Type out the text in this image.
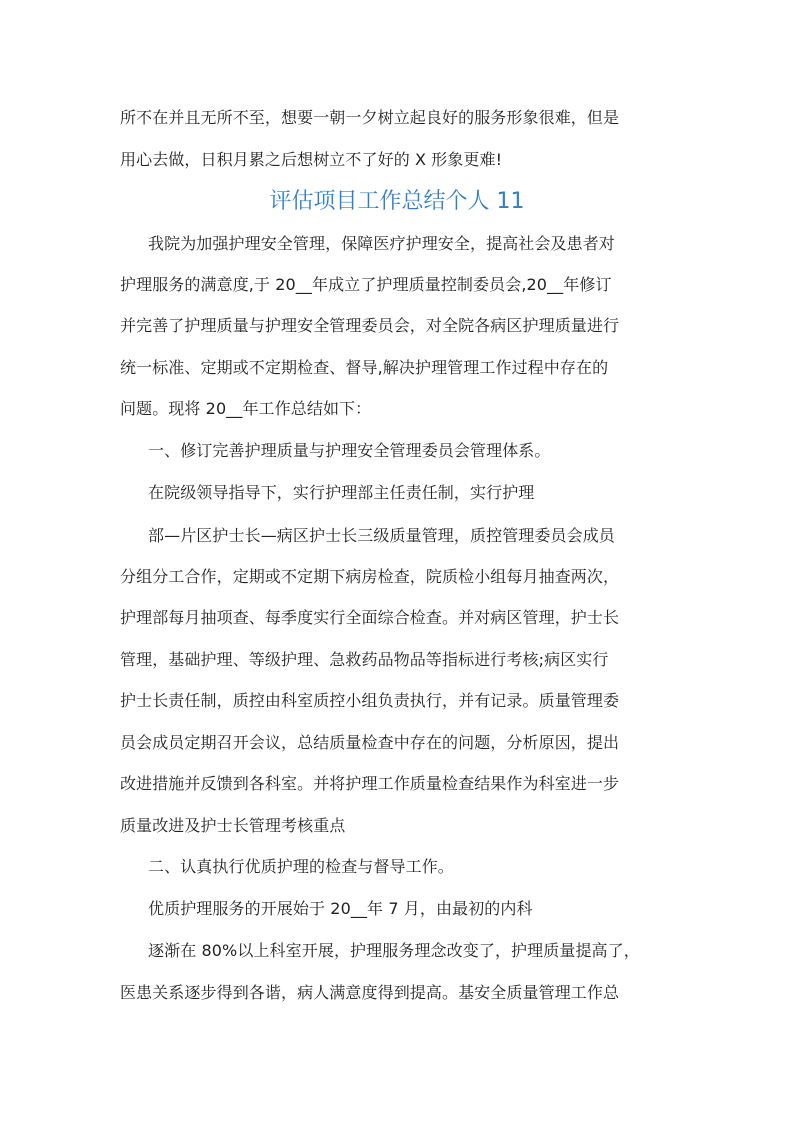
所不在并且无所不至，想要一朝一夕树立起良好的服务形象很难，但是
用心去做，日积月累之后想树立不了好的 X 形象更难!
评估项目工作总结个人 11
我院为加强护理安全管理，保障医疗护理安全，提高社会及患者对
护理服务的满意度,于 20__年成立了护理质量控制委员会,20__年修订
并完善了护理质量与护理安全管理委员会，对全院各病区护理质量进行
统一标准、定期或不定期检查、督导,解决护理管理工作过程中存在的
问题。现将 20__年工作总结如下：
一、修订完善护理质量与护理安全管理委员会管理体系。
在院级领导指导下，实行护理部主任责任制，实行护理
部—片区护士长—病区护士长三级质量管理，质控管理委员会成员
分组分工合作，定期或不定期下病房检查，院质检小组每月抽查两次，
护理部每月抽项查、每季度实行全面综合检查。并对病区管理，护士长
管理，基础护理、等级护理、急救药品物品等指标进行考核;病区实行
护士长责任制，质控由科室质控小组负责执行，并有记录。质量管理委
员会成员定期召开会议，总结质量检查中存在的问题，分析原因，提出
改进措施并反馈到各科室。并将护理工作质量检查结果作为科室进一步
质量改进及护士长管理考核重点
二、认真执行优质护理的检查与督导工作。
优质护理服务的开展始于 20__年 7 月，由最初的内科
逐渐在 80%以上科室开展，护理服务理念改变了，护理质量提高了，
医患关系逐步得到各谐，病人满意度得到提高。基安全质量管理工作总
